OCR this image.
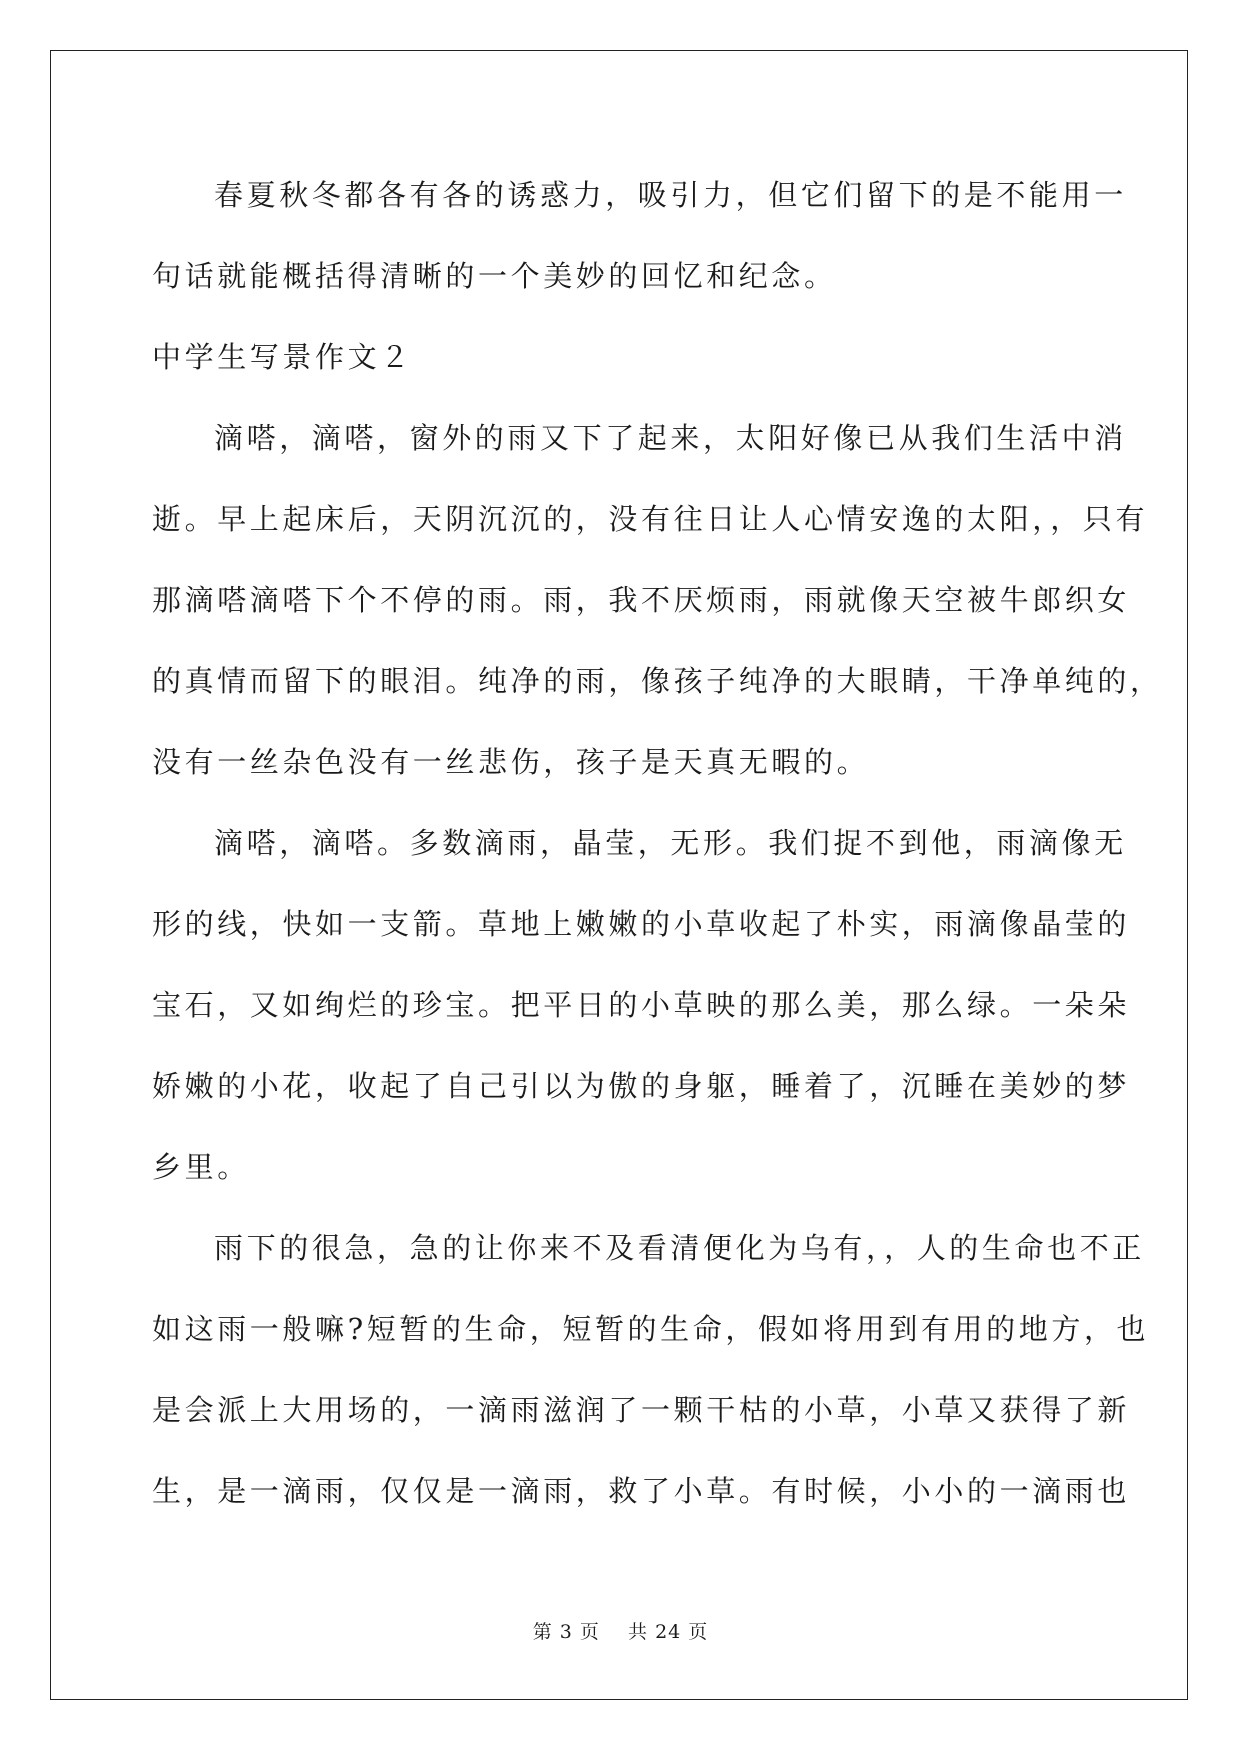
春夏秋冬都各有各的诱惑力，吸引力，但它们留下的是不能用一
句话就能概括得清晰的一个美妙的回忆和纪念。
中学生写景作文２
滴嗒，滴嗒，窗外的雨又下了起来，太阳好像已从我们生活中消
逝。早上起床后，天阴沉沉的，没有往日让人心情安逸的太阳，，只有
那滴嗒滴嗒下个不停的雨。雨，我不厌烦雨，雨就像天空被牛郎织女
的真情而留下的眼泪。纯净的雨，像孩子纯净的大眼睛，干净单纯的，
没有一丝杂色没有一丝悲伤，孩子是天真无暇的。
滴嗒，滴嗒。多数滴雨，晶莹，无形。我们捉不到他，雨滴像无
形的线，快如一支箭。草地上嫩嫩的小草收起了朴实，雨滴像晶莹的
宝石，又如绚烂的珍宝。把平日的小草映的那么美，那么绿。一朵朵
娇嫩的小花，收起了自己引以为傲的身躯，睡着了，沉睡在美妙的梦
乡里。
雨下的很急，急的让你来不及看清便化为乌有，，人的生命也不正
如这雨一般嘛?短暂的生命，短暂的生命，假如将用到有用的地方，也
是会派上大用场的，一滴雨滋润了一颗干枯的小草，小草又获得了新
生，是一滴雨，仅仅是一滴雨，救了小草。有时候，小小的一滴雨也
第 3 页    共 24 页
